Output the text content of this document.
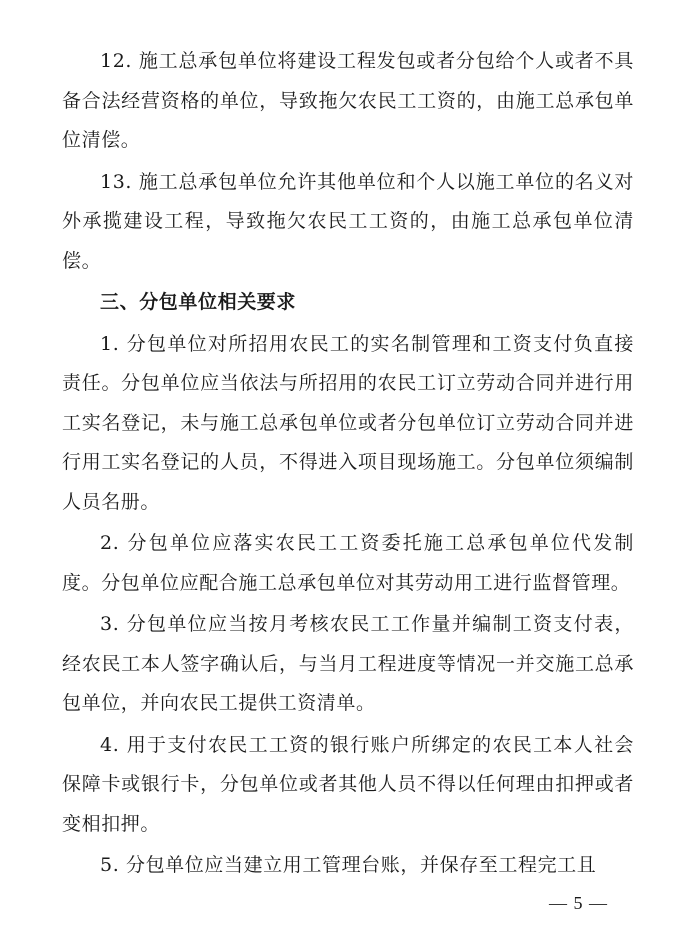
12. 施工总承包单位将建设工程发包或者分包给个人或者不具备合法经营资格的单位，导致拖欠农民工工资的，由施工总承包单位清偿。

13. 施工总承包单位允许其他单位和个人以施工单位的名义对外承揽建设工程，导致拖欠农民工工资的，由施工总承包单位清偿。

三、分包单位相关要求

1. 分包单位对所招用农民工的实名制管理和工资支付负直接责任。分包单位应当依法与所招用的农民工订立劳动合同并进行用工实名登记，未与施工总承包单位或者分包单位订立劳动合同并进行用工实名登记的人员，不得进入项目现场施工。分包单位须编制人员名册。

2. 分包单位应落实农民工工资委托施工总承包单位代发制度。分包单位应配合施工总承包单位对其劳动用工进行监督管理。

3. 分包单位应当按月考核农民工工作量并编制工资支付表，经农民工本人签字确认后，与当月工程进度等情况一并交施工总承包单位，并向农民工提供工资清单。

4. 用于支付农民工工资的银行账户所绑定的农民工本人社会保障卡或银行卡，分包单位或者其他人员不得以任何理由扣押或者变相扣押。

5. 分包单位应当建立用工管理台账，并保存至工程完工且

— 5 —
